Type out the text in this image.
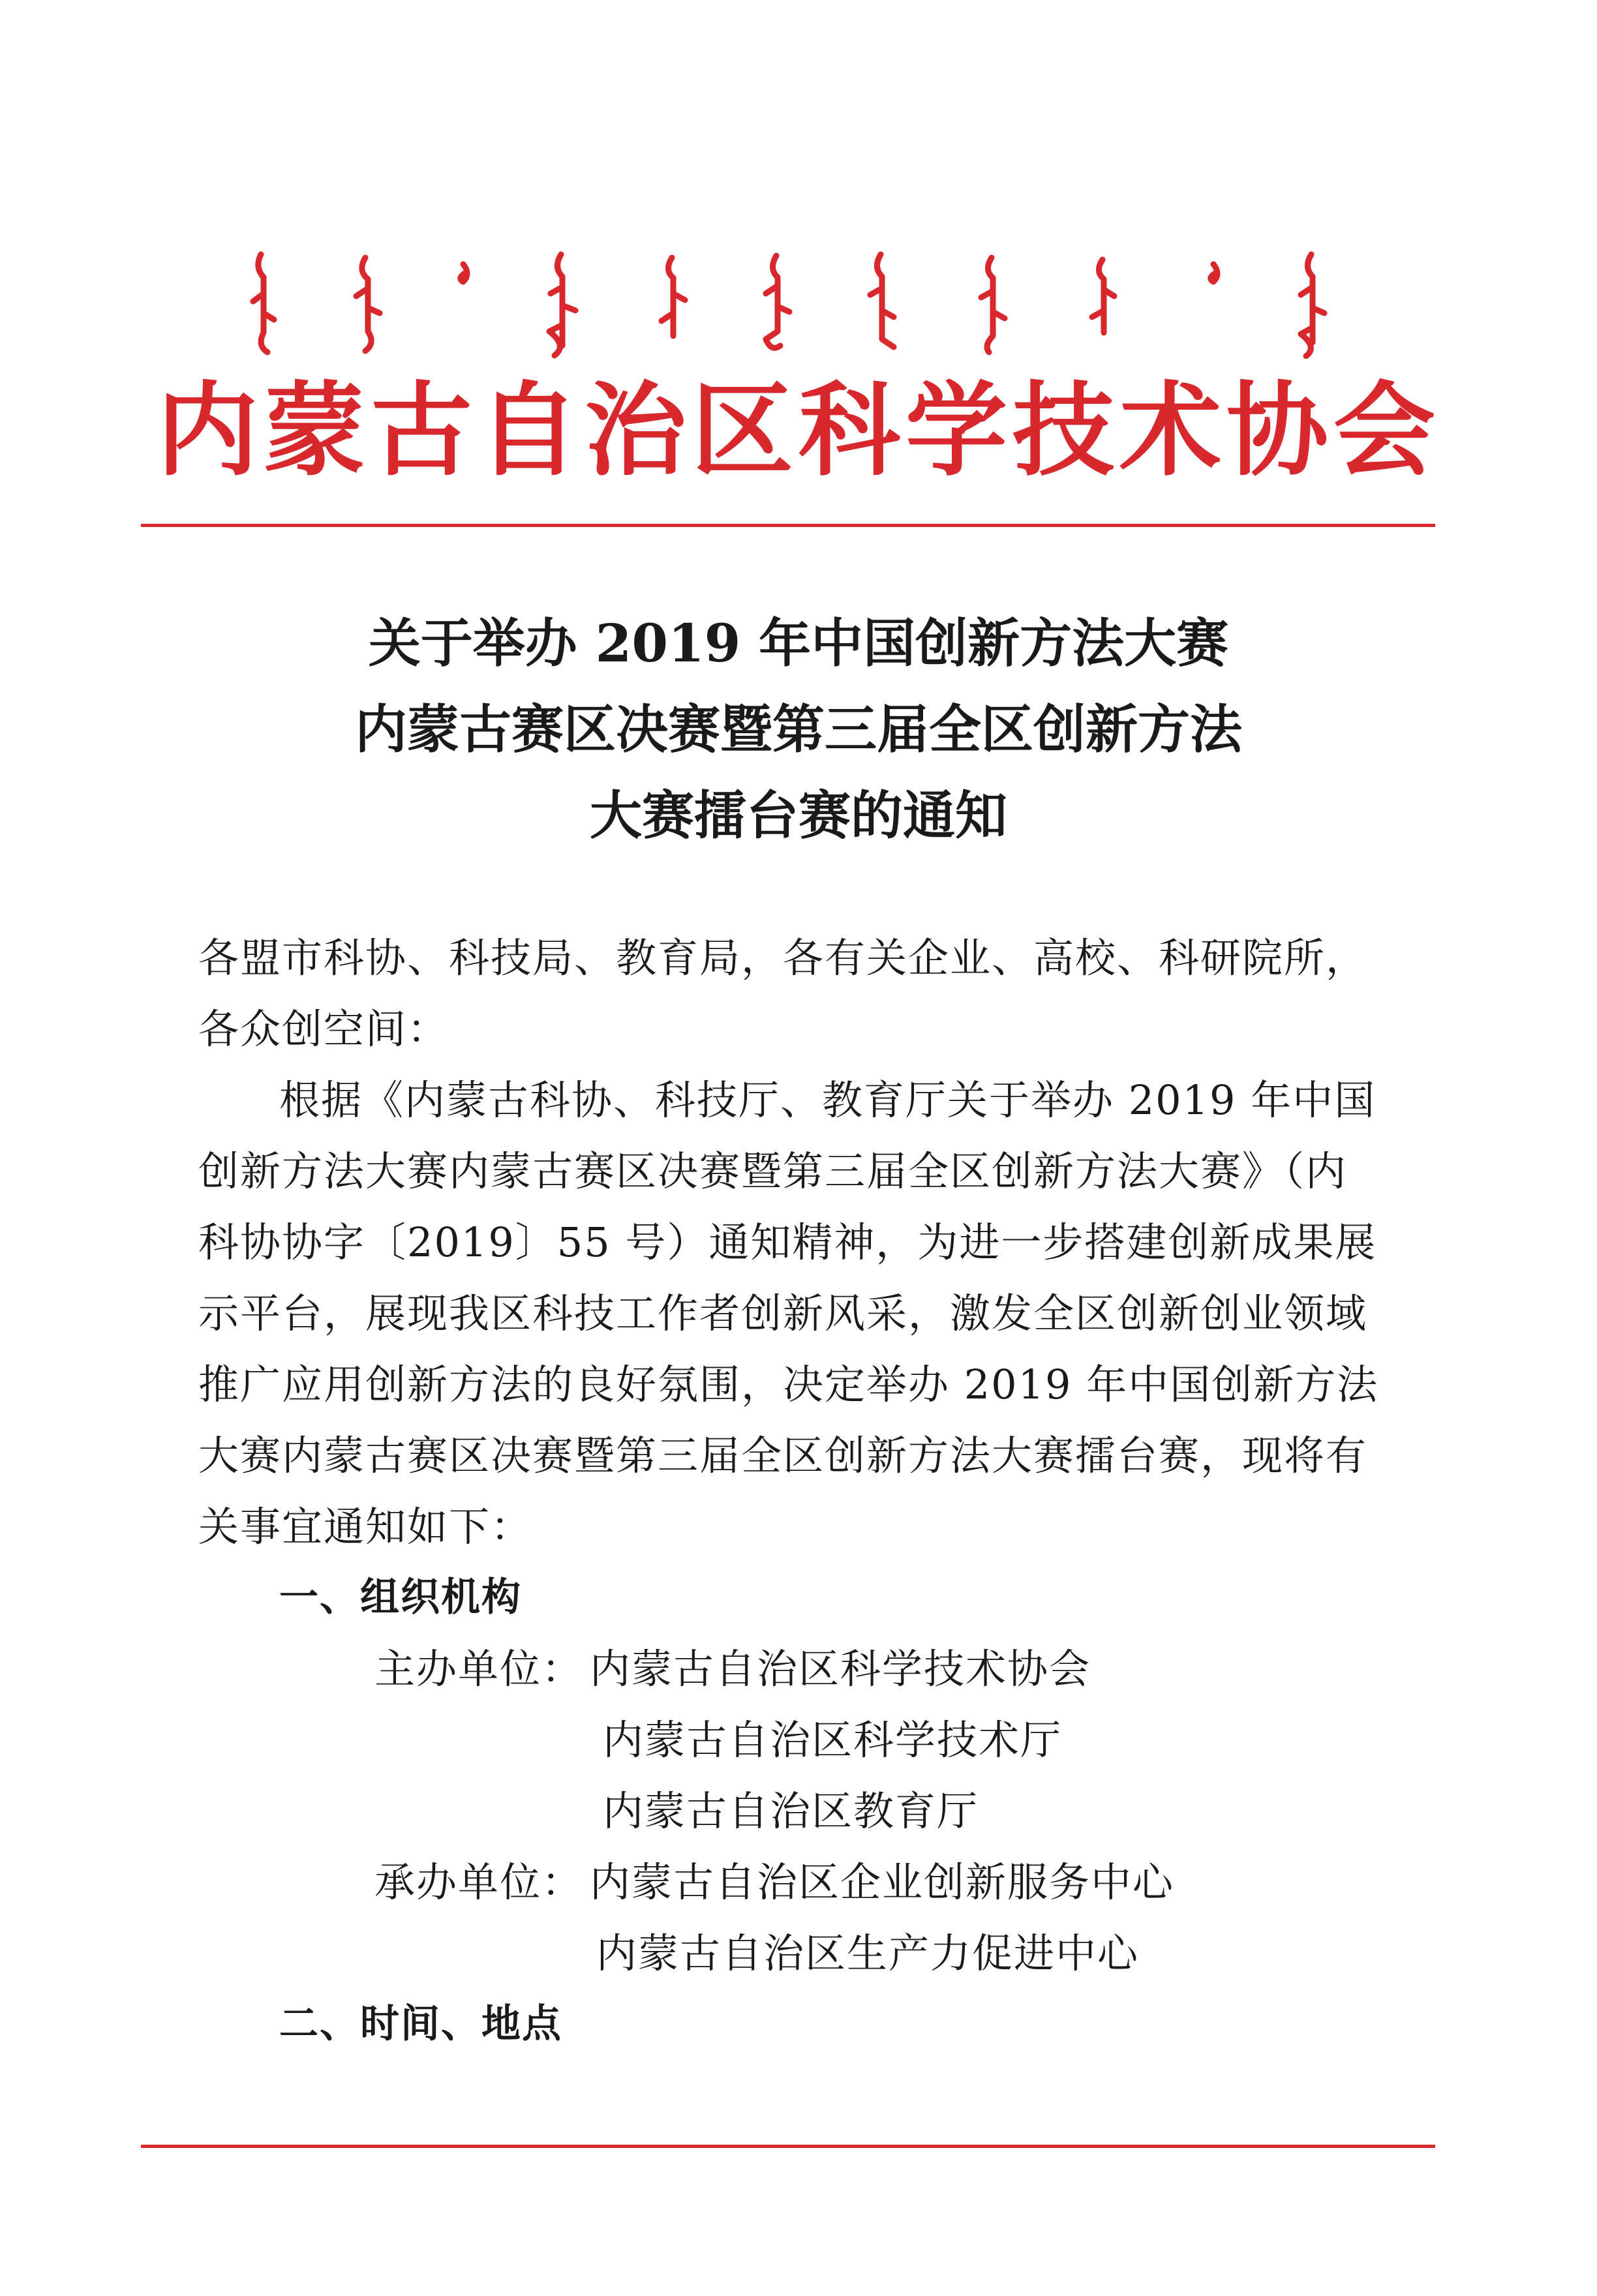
内蒙古自治区科学技术协会
关于举办 2019 年中国创新方法大赛
内蒙古赛区决赛暨第三届全区创新方法
大赛擂台赛的通知
各盟市科协、科技局、教育局，各有关企业、高校、科研院所，
各众创空间：
根据《内蒙古科协、科技厅、教育厅关于举办 2019 年中国
创新方法大赛内蒙古赛区决赛暨第三届全区创新方法大赛》（内
科协协字〔2019〕55 号）通知精神，为进一步搭建创新成果展
示平台，展现我区科技工作者创新风采，激发全区创新创业领域
推广应用创新方法的良好氛围，决定举办 2019 年中国创新方法
大赛内蒙古赛区决赛暨第三届全区创新方法大赛擂台赛，现将有
关事宜通知如下：
一、组织机构
主办单位： 内蒙古自治区科学技术协会
内蒙古自治区科学技术厅
内蒙古自治区教育厅
承办单位： 内蒙古自治区企业创新服务中心
内蒙古自治区生产力促进中心
二、时间、地点
